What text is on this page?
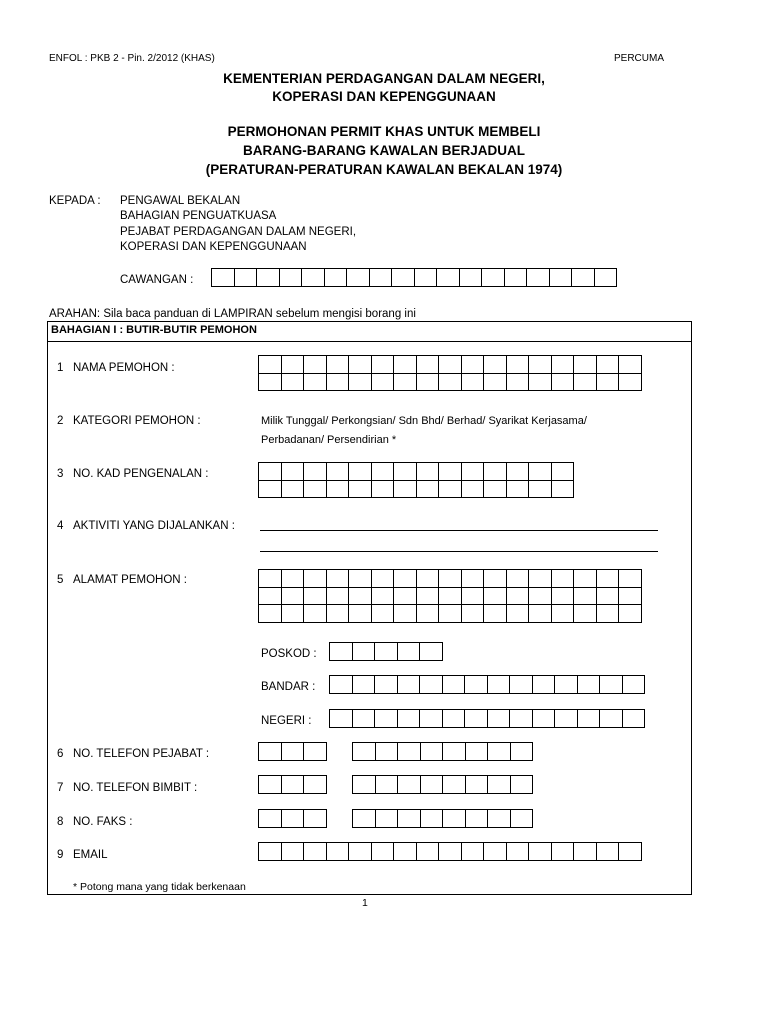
ENFOL : PKB 2 - Pin. 2/2012 (KHAS)	PERCUMA
KEMENTERIAN PERDAGANGAN DALAM NEGERI,
KOPERASI DAN KEPENGGUNAAN
PERMOHONAN PERMIT KHAS UNTUK MEMBELI
BARANG-BARANG KAWALAN BERJADUAL
(PERATURAN-PERATURAN KAWALAN BEKALAN 1974)
KEPADA : PENGAWAL BEKALAN
BAHAGIAN PENGUATKUASA
PEJABAT PERDAGANGAN DALAM NEGERI,
KOPERASI DAN KEPENGGUNAAN
CAWANGAN :
ARAHAN: Sila baca panduan di LAMPIRAN sebelum mengisi borang ini
BAHAGIAN I : BUTIR-BUTIR PEMOHON
1 NAMA PEMOHON :
2 KATEGORI PEMOHON :	Milik Tunggal/ Perkongsian/ Sdn Bhd/ Berhad/ Syarikat Kerjasama/
Perbadanan/ Persendirian *
3 NO. KAD PENGENALAN :
4 AKTIVITI YANG DIJALANKAN :
5 ALAMAT PEMOHON :
POSKOD :
BANDAR :
NEGERI :
6 NO. TELEFON PEJABAT :
7 NO. TELEFON BIMBIT :
8 NO. FAKS :
9 EMAIL
* Potong mana yang tidak berkenaan
1
